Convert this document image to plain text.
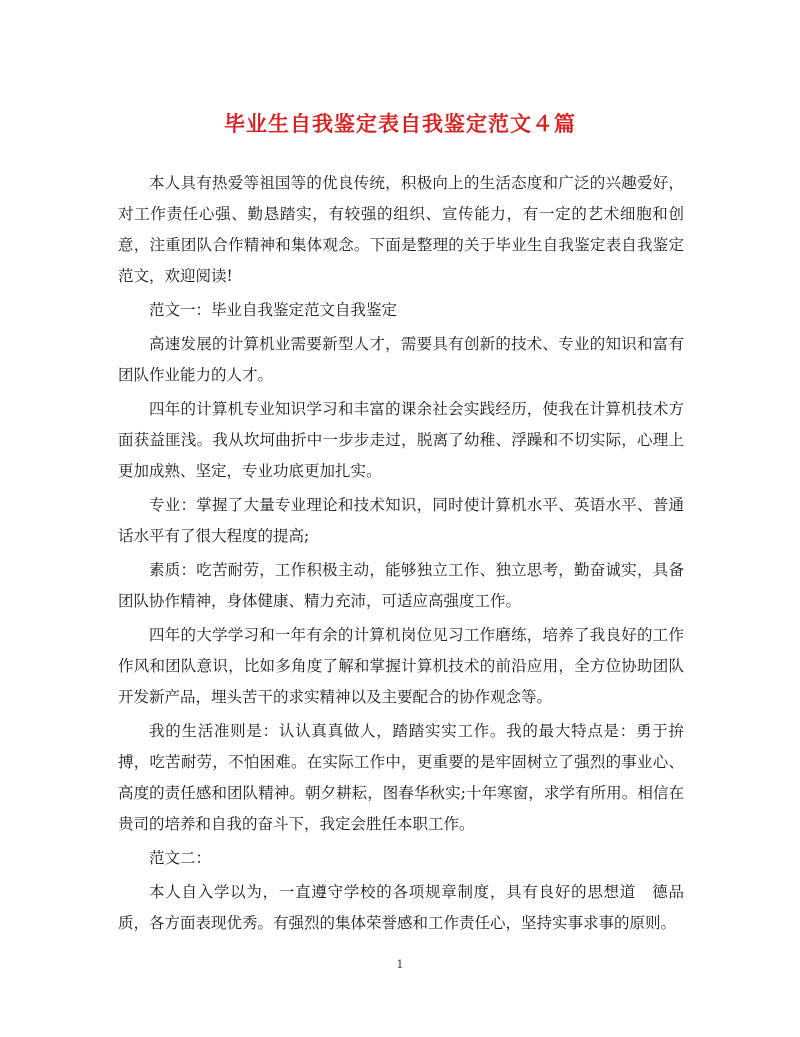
毕业生自我鉴定表自我鉴定范文４篇

本人具有热爱等祖国等的优良传统，积极向上的生活态度和广泛的兴趣爱好，对工作责任心强、勤恳踏实，有较强的组织、宣传能力，有一定的艺术细胞和创意，注重团队合作精神和集体观念。下面是整理的关于毕业生自我鉴定表自我鉴定范文，欢迎阅读!

范文一：毕业自我鉴定范文自我鉴定

高速发展的计算机业需要新型人才，需要具有创新的技术、专业的知识和富有团队作业能力的人才。

四年的计算机专业知识学习和丰富的课余社会实践经历，使我在计算机技术方面获益匪浅。我从坎坷曲折中一步步走过，脱离了幼稚、浮躁和不切实际，心理上更加成熟、坚定，专业功底更加扎实。

专业：掌握了大量专业理论和技术知识，同时使计算机水平、英语水平、普通话水平有了很大程度的提高;

素质：吃苦耐劳，工作积极主动，能够独立工作、独立思考，勤奋诚实，具备团队协作精神，身体健康、精力充沛，可适应高强度工作。

四年的大学学习和一年有余的计算机岗位见习工作磨练，培养了我良好的工作作风和团队意识，比如多角度了解和掌握计算机技术的前沿应用，全方位协助团队开发新产品，埋头苦干的求实精神以及主要配合的协作观念等。

我的生活准则是：认认真真做人，踏踏实实工作。我的最大特点是：勇于拚搏，吃苦耐劳，不怕困难。在实际工作中，更重要的是牢固树立了强烈的事业心、高度的责任感和团队精神。朝夕耕耘，图春华秋实;十年寒窗，求学有所用。相信在贵司的培养和自我的奋斗下，我定会胜任本职工作。

范文二：

本人自入学以为，一直遵守学校的各项规章制度，具有良好的思想道　德品质，各方面表现优秀。有强烈的集体荣誉感和工作责任心，坚持实事求事的原则。

1
